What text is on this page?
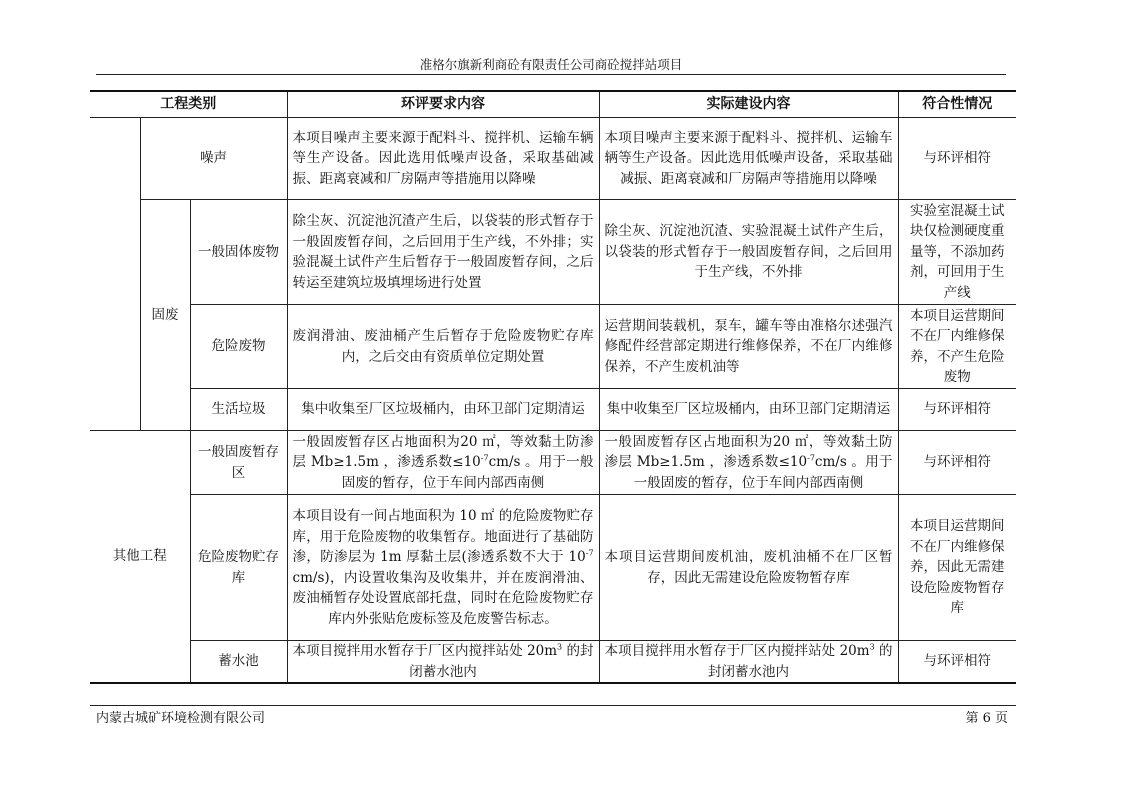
准格尔旗新利商砼有限责任公司商砼搅拌站项目
工程类别			环评要求内容	实际建设内容	符合性情况
	噪声		本项目噪声主要来源于配料斗、搅拌机、运输车辆等生产设备。因此选用低噪声设备，采取基础减振、距离衰减和厂房隔声等措施用以降噪	本项目噪声主要来源于配料斗、搅拌机、运输车辆等生产设备。因此选用低噪声设备，采取基础减振、距离衰减和厂房隔声等措施用以降噪	与环评相符
	固废	一般固体废物	除尘灰、沉淀池沉渣产生后，以袋装的形式暂存于一般固废暂存间，之后回用于生产线，不外排；实验混凝土试件产生后暂存于一般固废暂存间，之后转运至建筑垃圾填埋场进行处置	除尘灰、沉淀池沉渣、实验混凝土试件产生后，以袋装的形式暂存于一般固废暂存间，之后回用于生产线，不外排	实验室混凝土试块仅检测硬度重量等，不添加药剂，可回用于生产线
		危险废物	废润滑油、废油桶产生后暂存于危险废物贮存库内，之后交由有资质单位定期处置	运营期间装载机，泵车，罐车等由准格尔述强汽修配件经营部定期进行维修保养，不在厂内维修保养，不产生废机油等	本项目运营期间不在厂内维修保养，不产生危险废物
		生活垃圾	集中收集至厂区垃圾桶内，由环卫部门定期清运	集中收集至厂区垃圾桶内，由环卫部门定期清运	与环评相符
其他工程		一般固废暂存区	一般固废暂存区占地面积为20 ㎡，等效黏土防渗层 Mb≥1.5m ，渗透系数$\le 10^{-7}cm/s$ 。用于一般固废的暂存，位于车间内部西南侧	一般固废暂存区占地面积为20 ㎡，等效黏土防渗层 Mb≥1.5m ，渗透系数$\le 10^{-7}cm/s$ 。用于一般固废的暂存，位于车间内部西南侧	与环评相符
		危险废物贮存库	本项目设有一间占地面积为 10 ㎡ 的危险废物贮存库，用于危险废物的收集暂存。地面进行了基础防渗，防渗层为 1m 厚黏土层(渗透系数不大于 $10^{-7}cm/s$)，内设置收集沟及收集井，并在废润滑油、废油桶暂存处设置底部托盘，同时在危险废物贮存库内外张贴危废标签及危废警告标志。	本项目运营期间废机油，废机油桶不在厂区暂存，因此无需建设危险废物暂存库	本项目运营期间不在厂内维修保养，因此无需建设危险废物暂存库
		蓄水池	本项目搅拌用水暂存于厂区内搅拌站处 $20m^3$ 的封闭蓄水池内	本项目搅拌用水暂存于厂区内搅拌站处 $20m^3$ 的封闭蓄水池内	与环评相符
内蒙古城矿环境检测有限公司	第 6 页
